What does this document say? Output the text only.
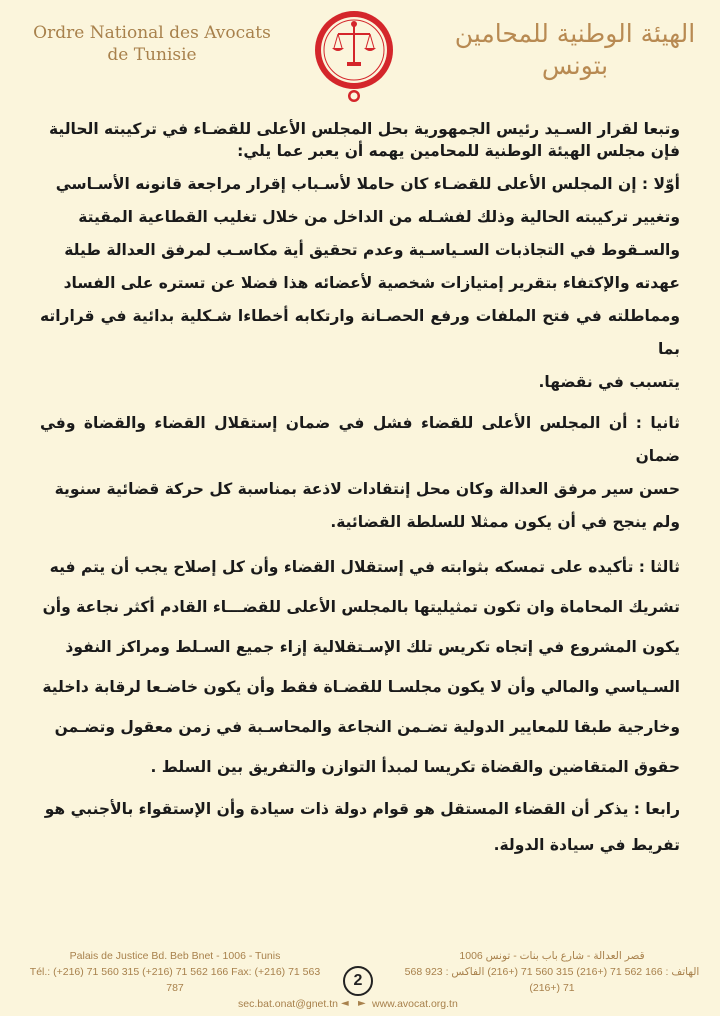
Ordre National des Avocats
de Tunisie
الهيئة الوطنية للمحامين
بتونس
وتبعا لقرار السـيد رئيس الجمهورية بحل المجلس الأعلى للقضـاء في تركيبته الحالية
فإن مجلس الهيئة الوطنية للمحامين يهمه أن يعبر عما يلي:
أوّلا : إن المجلس الأعلى للقضـاء كان حاملا لأسـباب إقرار مراجعة قانونه الأسـاسي
وتغيير تركيبته الحالية وذلك لفشـله من الداخل من خلال تغليب القطاعية المقيتة
والسـقوط في التجاذبات السـياسـية وعدم تحقيق أية مكاسـب لمرفق العدالة طيلة
عهدته والإكتفاء بتقرير إمتيازات شخصية لأعضائه هذا فضلا عن تستره على الفساد
ومماطلته في فتح الملفات ورفع الحصـانة وارتكابه أخطاءا شـكلية بدائية في قراراته بما
يتسبب في نقضها.
ثانيا : أن المجلس الأعلى للقضاء فشل في ضمان إستقلال القضاء والقضاة وفي ضمان
حسن سير مرفق العدالة وكان محل إنتقادات لاذعة بمناسبة كل حركة قضائية سنوية
ولم ينجح في أن يكون ممثلا للسلطة القضائية.
ثالثا : تأكيده على تمسكه بثوابته في إستقلال القضاء وأن كل إصلاح يجب أن يتم فيه
تشريك المحاماة وان تكون تمثيليتها بالمجلس الأعلى للقضـــاء القادم أكثر نجاعة وأن
يكون المشروع في إتجاه تكريس تلك الإسـتقلالية إزاء جميع السـلط ومراكز النفوذ
السـياسي والمالي وأن لا يكون مجلسـا للقضـاة فقط وأن يكون خاضـعا لرقابة داخلية
وخارجية طبقا للمعايير الدولية تضـمن النجاعة والمحاسـبة في زمن معقول وتضـمن
حقوق المتقاضين والقضاة تكريسا لمبدأ التوازن والتفريق بين السلط .
رابعا : يذكر أن القضاء المستقل هو قوام دولة ذات سيادة وأن الإستقواء بالأجنبي هو
تفريط في سيادة الدولة.
Palais de Justice Bd. Beb Bnet - 1006 - Tunis
Tél.: (+216) 71 560 315 (+216) 71 562 166 Fax: (+216) 71 563 787
قصر العدالة - شارع باب بنات - تونس 1006
الهاتف : 166 562 71 (+216) 315 560 71 (+216) الفاكس : 923 568 71 (+216)
2
◄
sec.bat.onat@gnet.tn ► www.avocat.org.tn
